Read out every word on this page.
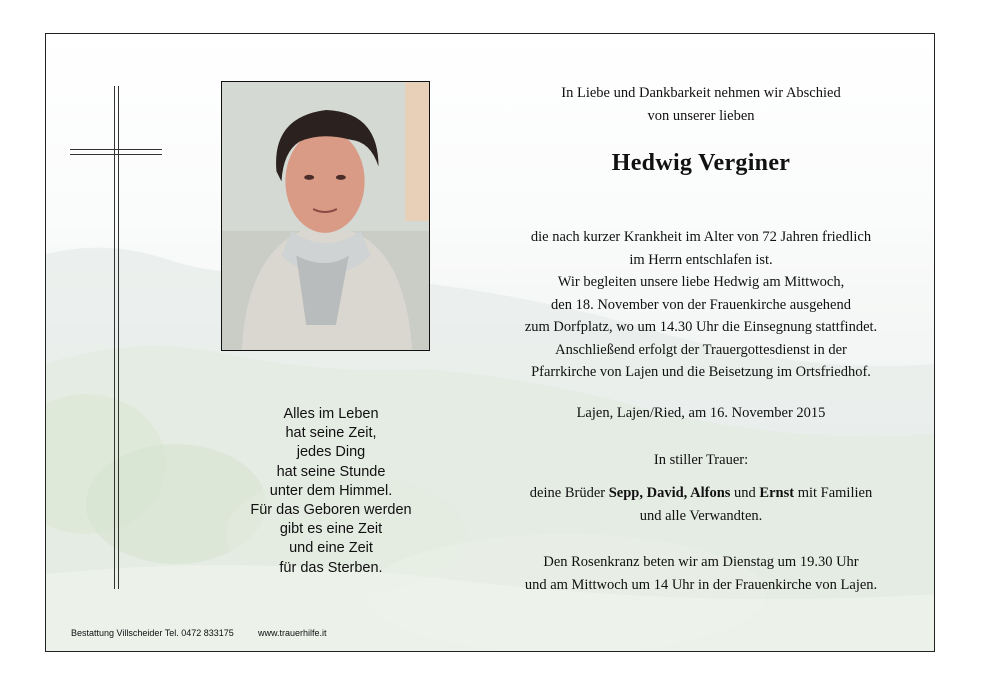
Alles im Leben
hat seine Zeit,
jedes Ding
hat seine Stunde
unter dem Himmel.
Für das Geboren werden
gibt es eine Zeit
und eine Zeit
für das Sterben.
Bestattung Villscheider Tel. 0472 833175	www.trauerhilfe.it
In Liebe und Dankbarkeit nehmen wir Abschied
von unserer lieben
Hedwig Verginer
die nach kurzer Krankheit im Alter von 72 Jahren friedlich
im Herrn entschlafen ist.
Wir begleiten unsere liebe Hedwig am Mittwoch,
den 18. November von der Frauenkirche ausgehend
zum Dorfplatz, wo um 14.30 Uhr die Einsegnung stattfindet.
Anschließend erfolgt der Trauergottesdienst in der
Pfarrkirche von Lajen und die Beisetzung im Ortsfriedhof.
Lajen, Lajen/Ried, am 16. November 2015
In stiller Trauer:
deine Brüder Sepp, David, Alfons und Ernst mit Familien
und alle Verwandten.
Den Rosenkranz beten wir am Dienstag um 19.30 Uhr
und am Mittwoch um 14 Uhr in der Frauenkirche von Lajen.
